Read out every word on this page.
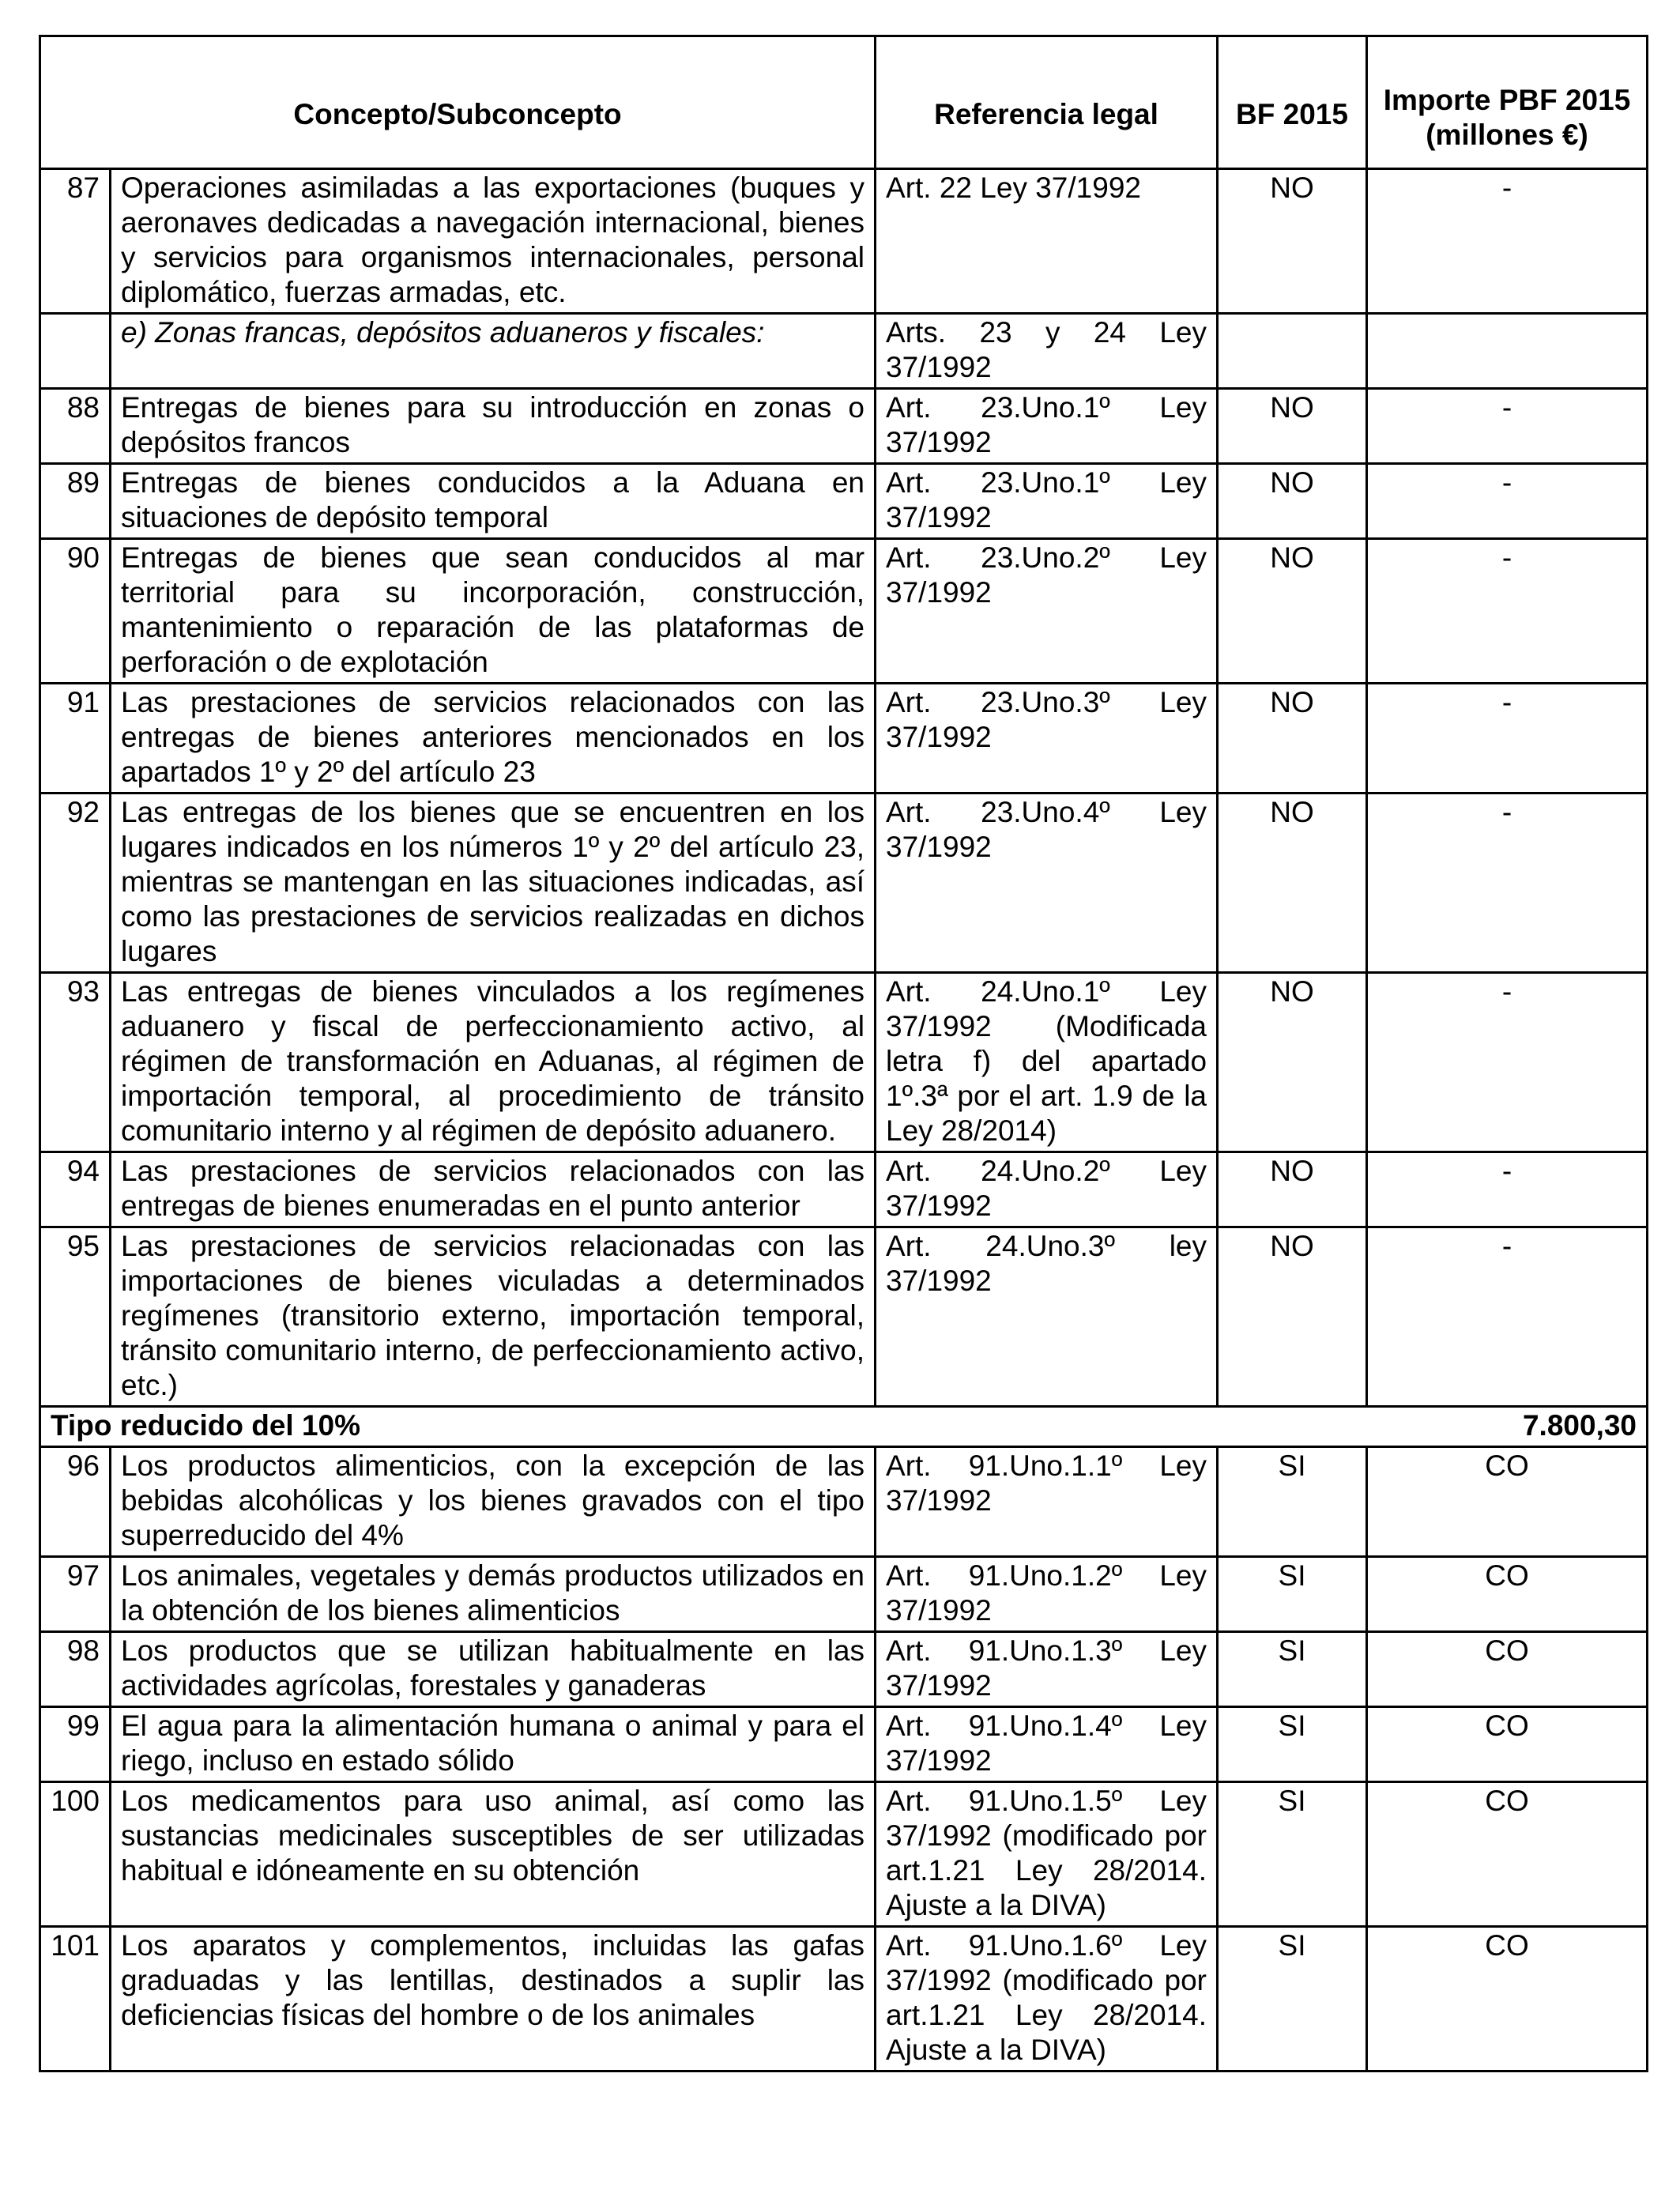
Concepto/Subconcepto		Referencia legal	BF 2015	Importe PBF 2015 (millones €)
87	Operaciones asimiladas a las exportaciones (buques y aeronaves dedicadas a navegación internacional, bienes y servicios para organismos internacionales, personal diplomático, fuerzas armadas, etc.	Art. 22 Ley 37/1992	NO	-
	e) Zonas francas, depósitos aduaneros y fiscales:	Arts. 23 y 24 Ley 37/1992		
88	Entregas de bienes para su introducción en zonas o depósitos francos	Art. 23.Uno.1º Ley 37/1992	NO	-
89	Entregas de bienes conducidos a la Aduana en situaciones de depósito temporal	Art. 23.Uno.1º Ley 37/1992	NO	-
90	Entregas de bienes que sean conducidos al mar territorial para su incorporación, construcción, mantenimiento o reparación de las plataformas de perforación o de explotación	Art. 23.Uno.2º Ley 37/1992	NO	-
91	Las prestaciones de servicios relacionados con las entregas de bienes anteriores mencionados en los apartados 1º y 2º del artículo 23	Art. 23.Uno.3º Ley 37/1992	NO	-
92	Las entregas de los bienes que se encuentren en los lugares indicados en los números 1º y 2º del artículo 23, mientras se mantengan en las situaciones indicadas, así como las prestaciones de servicios realizadas en dichos lugares	Art. 23.Uno.4º Ley 37/1992	NO	-
93	Las entregas de bienes vinculados a los regímenes aduanero y fiscal de perfeccionamiento activo, al régimen de transformación en Aduanas, al régimen de importación temporal, al procedimiento de tránsito comunitario interno y al régimen de depósito aduanero.	Art. 24.Uno.1º Ley 37/1992 (Modificada letra f) del apartado 1º.3ª por el art. 1.9 de la Ley 28/2014)	NO	-
94	Las prestaciones de servicios relacionados con las entregas de bienes enumeradas en el punto anterior	Art. 24.Uno.2º Ley 37/1992	NO	-
95	Las prestaciones de servicios relacionadas con las importaciones de bienes viculadas a determinados regímenes (transitorio externo, importación temporal, tránsito comunitario interno, de perfeccionamiento activo, etc.)	Art. 24.Uno.3º ley 37/1992	NO	-
Tipo reducido del 10% 7.800,30				

96	Los productos alimenticios, con la excepción de las bebidas alcohólicas y los bienes gravados con el tipo superreducido del 4%	Art. 91.Uno.1.1º Ley 37/1992	SI	CO
97	Los animales, vegetales y demás productos utilizados en la obtención de los bienes alimenticios	Art. 91.Uno.1.2º Ley 37/1992	SI	CO
98	Los productos que se utilizan habitualmente en las actividades agrícolas, forestales y ganaderas	Art. 91.Uno.1.3º Ley 37/1992	SI	CO
99	El agua para la alimentación humana o animal y para el riego, incluso en estado sólido	Art. 91.Uno.1.4º Ley 37/1992	SI	CO
100	Los medicamentos para uso animal, así como las sustancias medicinales susceptibles de ser utilizadas habitual e idóneamente en su obtención	Art. 91.Uno.1.5º Ley 37/1992 (modificado por art.1.21 Ley 28/2014. Ajuste a la DIVA)	SI	CO
101	Los aparatos y complementos, incluidas las gafas graduadas y las lentillas, destinados a suplir las deficiencias físicas del hombre o de los animales	Art. 91.Uno.1.6º Ley 37/1992 (modificado por art.1.21 Ley 28/2014. Ajuste a la DIVA)	SI	CO
